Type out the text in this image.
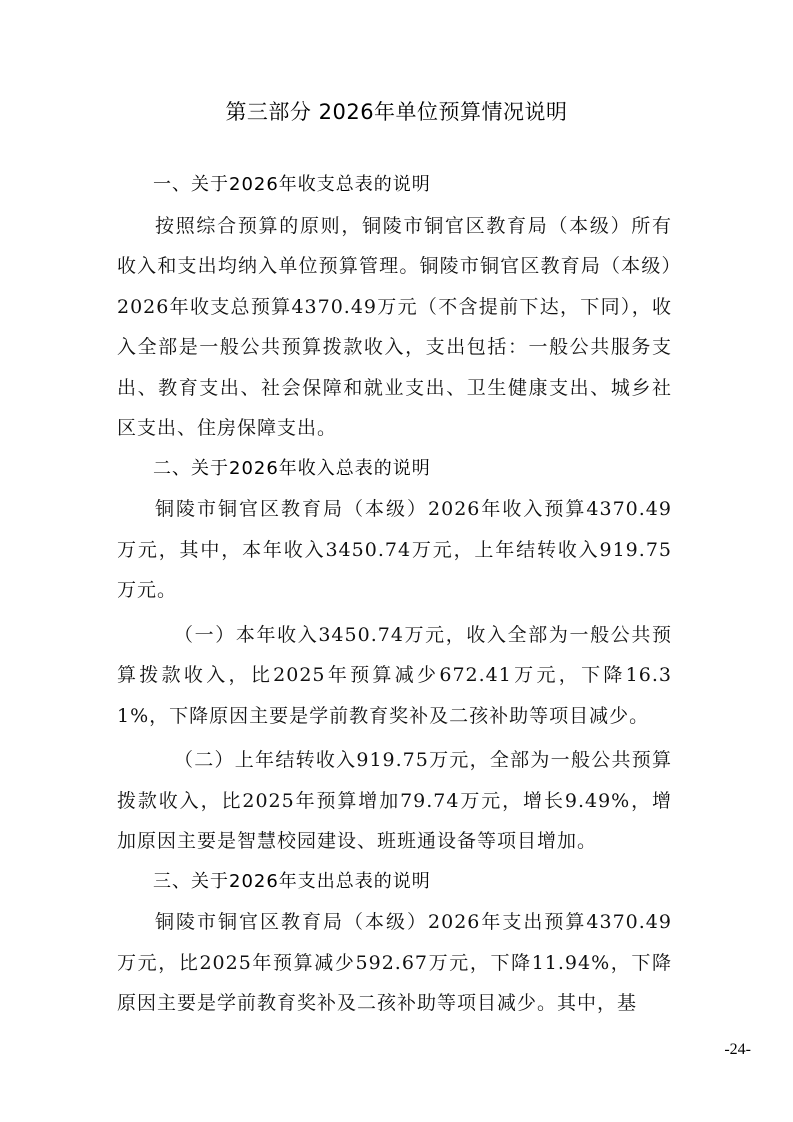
第三部分 2026年单位预算情况说明

一、关于2026年收支总表的说明

按照综合预算的原则，铜陵市铜官区教育局（本级）所有收入和支出均纳入单位预算管理。铜陵市铜官区教育局（本级）2026年收支总预算4370.49万元（不含提前下达，下同），收入全部是一般公共预算拨款收入，支出包括：一般公共服务支出、教育支出、社会保障和就业支出、卫生健康支出、城乡社区支出、住房保障支出。

二、关于2026年收入总表的说明

铜陵市铜官区教育局（本级）2026年收入预算4370.49万元，其中，本年收入3450.74万元，上年结转收入919.75万元。

（一）本年收入3450.74万元，收入全部为一般公共预算拨款收入，比2025年预算减少672.41万元，下降16.31%，下降原因主要是学前教育奖补及二孩补助等项目减少。

（二）上年结转收入919.75万元，全部为一般公共预算拨款收入，比2025年预算增加79.74万元，增长9.49%，增加原因主要是智慧校园建设、班班通设备等项目增加。

三、关于2026年支出总表的说明

铜陵市铜官区教育局（本级）2026年支出预算4370.49万元，比2025年预算减少592.67万元，下降11.94%，下降原因主要是学前教育奖补及二孩补助等项目减少。其中，基

-24-
